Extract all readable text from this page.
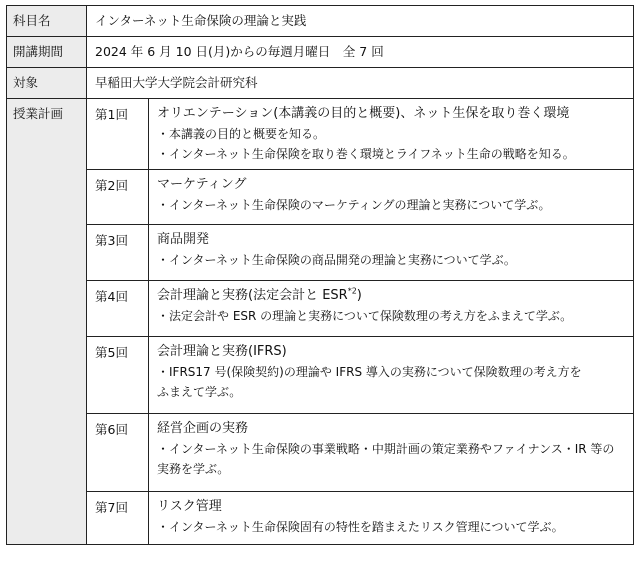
科目名	インターネット生命保険の理論と実践	
開講期間	2024 年 6 月 10 日(月)からの毎週月曜日　全 7 回	
対象	早稲田大学大学院会計研究科	
授業計画	第1回	オリエンテーション(本講義の目的と概要)、ネット生保を取り巻く環境
・本講義の目的と概要を知る。
・インターネット生命保険を取り巻く環境とライフネット生命の戦略を知る。

	第2回	マーケティング
・インターネット生命保険のマーケティングの理論と実務について学ぶ。

	第3回	商品開発
・インターネット生命保険の商品開発の理論と実務について学ぶ。

	第4回	会計理論と実務(法定会計と ESR$^{*2}$)
・法定会計や ESR の理論と実務について保険数理の考え方をふまえて学ぶ。

	第5回	会計理論と実務(IFRS)
・IFRS17 号(保険契約)の理論や IFRS 導入の実務について保険数理の考え方を
ふまえて学ぶ。

	第6回	経営企画の実務
・インターネット生命保険の事業戦略・中期計画の策定業務やファイナンス・IR 等の
実務を学ぶ。

	第7回	リスク管理
・インターネット生命保険固有の特性を踏まえたリスク管理について学ぶ。
